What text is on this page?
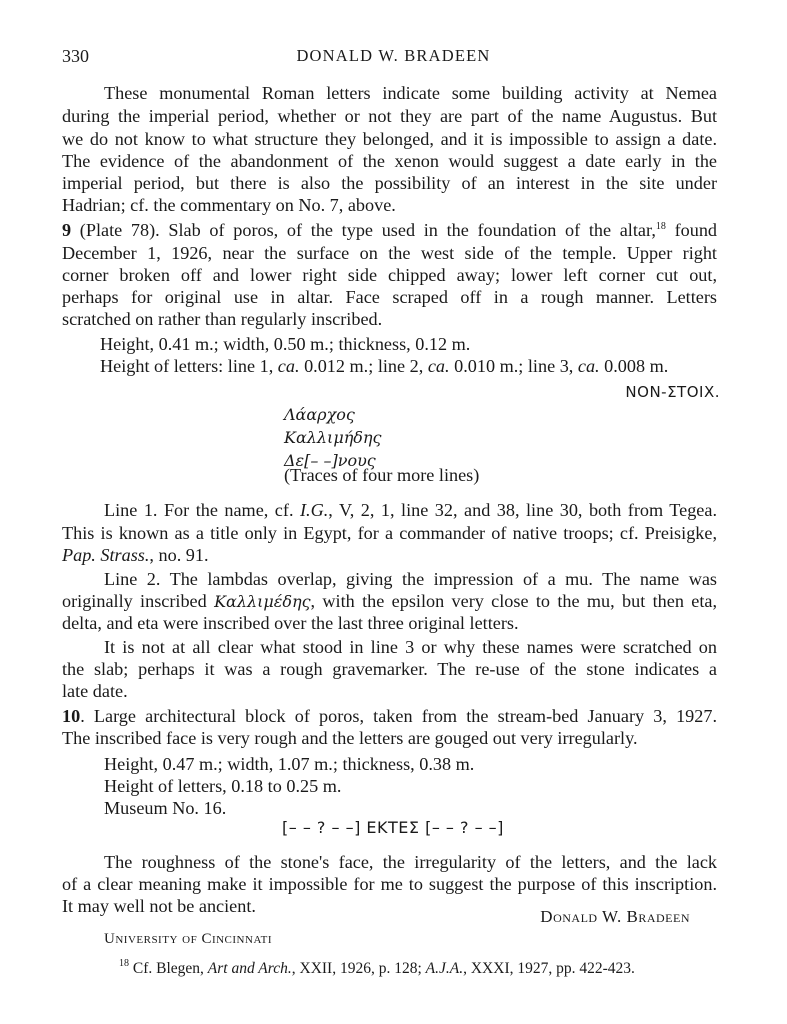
330	DONALD W. BRADEEN
These monumental Roman letters indicate some building activity at Nemea
during the imperial period, whether or not they are part of the name Augustus. But
we do not know to what structure they belonged, and it is impossible to assign a date.
The evidence of the abandonment of the xenon would suggest a date early in the
imperial period, but there is also the possibility of an interest in the site under
Hadrian; cf. the commentary on No. 7, above.
9 (Plate 78). Slab of poros, of the type used in the foundation of the altar,$^{18}$ found
December 1, 1926, near the surface on the west side of the temple. Upper right
corner broken off and lower right side chipped away; lower left corner cut out,
perhaps for original use in altar. Face scraped off in a rough manner. Letters
scratched on rather than regularly inscribed.
Height, 0.41 m.; width, 0.50 m.; thickness, 0.12 m.
Height of letters: line 1, ca. 0.012 m.; line 2, ca. 0.010 m.; line 3, ca. 0.008 m.
NON-ΣΤΟΙΧ.
Λάαρχος
Καλλιμήδης
Δε[– –]νους
(Traces of four more lines)
Line 1. For the name, cf. I.G., V, 2, 1, line 32, and 38, line 30, both from Tegea.
This is known as a title only in Egypt, for a commander of native troops; cf. Preisigke,
Pap. Strass., no. 91.
Line 2. The lambdas overlap, giving the impression of a mu. The name was
originally inscribed Καλλιμέδης, with the epsilon very close to the mu, but then eta,
delta, and eta were inscribed over the last three original letters.
It is not at all clear what stood in line 3 or why these names were scratched on
the slab; perhaps it was a rough gravemarker. The re-use of the stone indicates a
late date.
10. Large architectural block of poros, taken from the stream-bed January 3, 1927.
The inscribed face is very rough and the letters are gouged out very irregularly.
Height, 0.47 m.; width, 1.07 m.; thickness, 0.38 m.
Height of letters, 0.18 to 0.25 m.
Museum No. 16.
[– – ? – –] ΕΚΤΕΣ [– – ? – –]
The roughness of the stone's face, the irregularity of the letters, and the lack
of a clear meaning make it impossible for me to suggest the purpose of this inscription.
It may well not be ancient.
Donald W. Bradeen
University of Cincinnati
$^{18}$ Cf. Blegen, Art and Arch., XXII, 1926, p. 128; A.J.A., XXXI, 1927, pp. 422-423.
